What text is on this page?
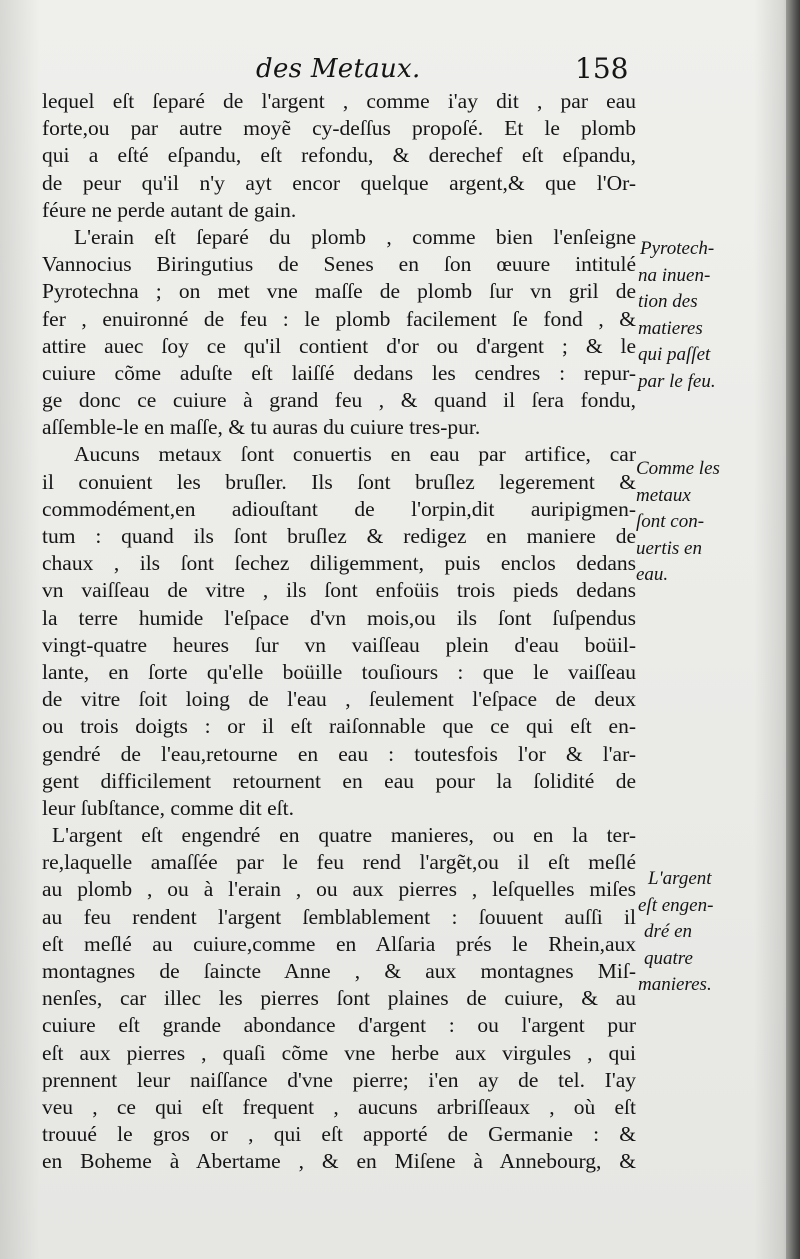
des Metaux.	158
lequel eſt ſeparé de l'argent , comme i'ay dit , par eau
forte,ou par autre moyẽ cy-deſſus propoſé. Et le plomb
qui a eſté eſpandu, eſt refondu, & derechef eſt eſpandu,
de peur qu'il n'y ayt encor quelque argent,& que l'Or-
féure ne perde autant de gain.
L'erain eſt ſeparé du plomb , comme bien l'enſeigne
Vannocius Biringutius de Senes en ſon œuure intitulé
Pyrotechna ; on met vne maſſe de plomb ſur vn gril de
fer , enuironné de feu : le plomb facilement ſe fond , &
attire auec ſoy ce qu'il contient d'or ou d'argent ; & le
cuiure cõme aduſte eſt laiſſé dedans les cendres : repur-
ge donc ce cuiure à grand feu , & quand il ſera fondu,
aſſemble-le en maſſe, & tu auras du cuiure tres-pur.
Aucuns metaux ſont conuertis en eau par artifice, car
il conuient les bruſler. Ils ſont bruſlez legerement &
commodément,en adiouſtant de l'orpin,dit auripigmen-
tum : quand ils ſont bruſlez & redigez en maniere de
chaux , ils ſont ſechez diligemment, puis enclos dedans
vn vaiſſeau de vitre , ils ſont enfoüis trois pieds dedans
la terre humide l'eſpace d'vn mois,ou ils ſont ſuſpendus
vingt-quatre heures ſur vn vaiſſeau plein d'eau boüil-
lante, en ſorte qu'elle boüille touſiours : que le vaiſſeau
de vitre ſoit loing de l'eau , ſeulement l'eſpace de deux
ou trois doigts : or il eſt raiſonnable que ce qui eſt en-
gendré de l'eau,retourne en eau : toutesfois l'or & l'ar-
gent difficilement retournent en eau pour la ſolidité de
leur ſubſtance, comme dit eſt.
L'argent eſt engendré en quatre manieres, ou en la ter-
re,laquelle amaſſée par le feu rend l'argẽt,ou il eſt meſlé
au plomb , ou à l'erain , ou aux pierres , leſquelles miſes
au feu rendent l'argent ſemblablement : ſouuent auſſi il
eſt meſlé au cuiure,comme en Alſaria prés le Rhein,aux
montagnes de ſaincte Anne , & aux montagnes Miſ-
nenſes, car illec les pierres ſont plaines de cuiure, & au
cuiure eſt grande abondance d'argent : ou l'argent pur
eſt aux pierres , quaſi cõme vne herbe aux virgules , qui
prennent leur naiſſance d'vne pierre; i'en ay de tel. I'ay
veu , ce qui eſt frequent , aucuns arbriſſeaux , où eſt
trouué le gros or , qui eſt apporté de Germanie : &
en Boheme à Abertame , & en Miſene à Annebourg, &
Pyrotech-
na inuen-
tion des
matieres
qui paſſet
par le feu.
Comme les
metaux
ſont con-
uertis en
eau.
L'argent
eſt engen-
dré en
quatre
manieres.
